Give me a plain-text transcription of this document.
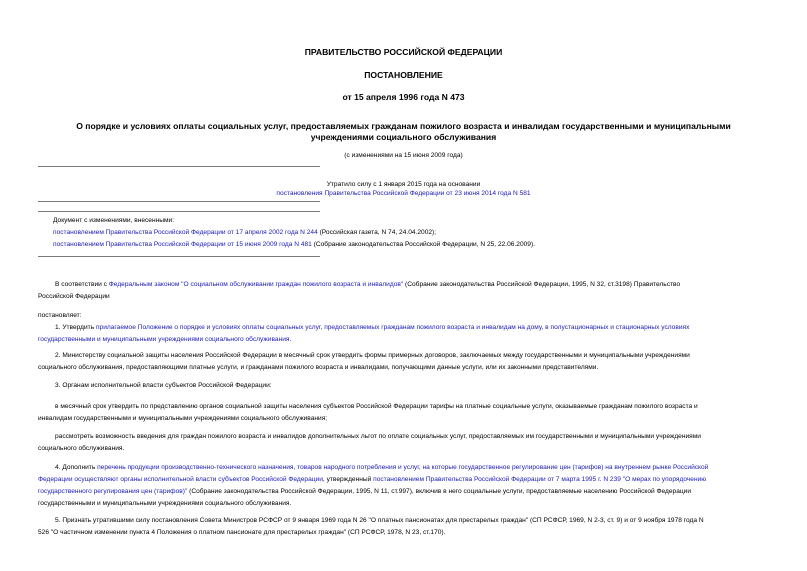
ПРАВИТЕЛЬСТВО РОССИЙСКОЙ ФЕДЕРАЦИИ
ПОСТАНОВЛЕНИЕ
от 15 апреля 1996 года N 473
О порядке и условиях оплаты социальных услуг, предоставляемых гражданам пожилого возраста и инвалидам государственными и муниципальными
учреждениями социального обслуживания
(с изменениями на 15 июня 2009 года)
Утратило силу с 1 января 2015 года на основании
постановления Правительства Российской Федерации от 23 июня 2014 года N 581
Документ с изменениями, внесенными:
постановлением Правительства Российской Федерации от 17 апреля 2002 года N 244 (Российская газета, N 74, 24.04.2002);
постановлением Правительства Российской Федерации от 15 июня 2009 года N 481 (Собрание законодательства Российской Федерации, N 25, 22.06.2009).
В соответствии с Федеральным законом "О социальном обслуживании граждан пожилого возраста и инвалидов" (Собрание законодательства Российской Федерации, 1995, N 32, ст.3198) Правительство
Российской Федерации
постановляет:
1. Утвердить прилагаемое Положение о порядке и условиях оплаты социальных услуг, предоставляемых гражданам пожилого возраста и инвалидам на дому, в полустационарных и стационарных условиях
государственными и муниципальными учреждениями социального обслуживания.
2. Министерству социальной защиты населения Российской Федерации в месячный срок утвердить формы примерных договоров, заключаемых между государственными и муниципальными учреждениями
социального обслуживания, предоставляющими платные услуги, и гражданами пожилого возраста и инвалидами, получающими данные услуги, или их законными представителями.
3. Органам исполнительной власти субъектов Российской Федерации:
в месячный срок утвердить по представлению органов социальной защиты населения субъектов Российской Федерации тарифы на платные социальные услуги, оказываемые гражданам пожилого возраста и
инвалидам государственными и муниципальными учреждениями социального обслуживания;
рассмотреть возможность введения для граждан пожилого возраста и инвалидов дополнительных льгот по оплате социальных услуг, предоставляемых им государственными и муниципальными учреждениями
социального обслуживания.
4. Дополнить перечень продукции производственно-технического назначения, товаров народного потребления и услуг, на которые государственное регулирование цен (тарифов) на внутреннем рынке Российской
Федерации осуществляют органы исполнительной власти субъектов Российской Федерации, утвержденный постановлением Правительства Российской Федерации от 7 марта 1995 г. N 239 "О мерах по упорядочению
государственного регулирования цен (тарифов)" (Собрание законодательства Российской Федерации, 1995, N 11, ст.997), включив в него социальные услуги, предоставляемые населению Российской Федерации
государственными и муниципальными учреждениями социального обслуживания.
5. Признать утратившими силу постановления Совета Министров РСФСР от 9 января 1969 года N 26 "О платных пансионатах для престарелых граждан" (СП РСФСР, 1969, N 2-3, ст. 9) и от 9 ноября 1978 года N
526 "О частичном изменении пункта 4 Положения о платном пансионате для престарелых граждан" (СП РСФСР, 1978, N 23, ст.170).
